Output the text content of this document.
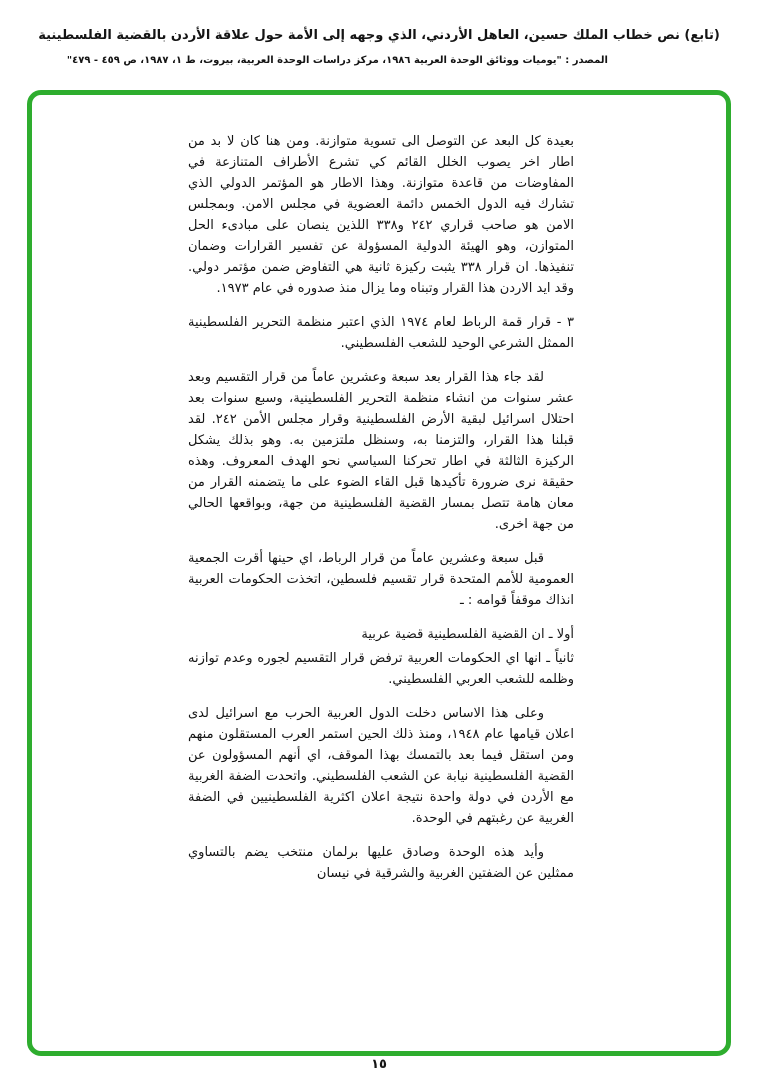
(تابع) نص خطاب الملك حسين، العاهل الأردني، الذي وجهه إلى الأمة حول علاقة الأردن بالقضية الفلسطينية
المصدر : "يوميات ووثائق الوحدة العربية ١٩٨٦، مركز دراسات الوحدة العربية، بيروت، ط ١، ١٩٨٧، ص ٤٥٩ - ٤٧٩"

بعيدة كل البعد عن التوصل الى تسوية متوازنة. ومن هنا كان لا بد من اطار اخر يصوب الخلل القائم كي تشرع الأطراف المتنازعة في المفاوضات من قاعدة متوازنة. وهذا الاطار هو المؤتمر الدولي الذي تشارك فيه الدول الخمس دائمة العضوية في مجلس الامن. وبمجلس الامن هو صاحب قراري ٢٤٢ و٣٣٨ اللذين ينصان على مبادىء الحل المتوازن، وهو الهيئة الدولية المسؤولة عن تفسير القرارات وضمان تنفيذها. ان قرار ٣٣٨ يثبت ركيزة ثانية هي التفاوض ضمن مؤتمر دولي. وقد ايد الاردن هذا القرار وتبناه وما يزال منذ صدوره في عام ١٩٧٣.

٣ - قرار قمة الرباط لعام ١٩٧٤ الذي اعتبر منظمة التحرير الفلسطينية الممثل الشرعي الوحيد للشعب الفلسطيني.

لقد جاء هذا القرار بعد سبعة وعشرين عاماً من قرار التقسيم وبعد عشر سنوات من انشاء منظمة التحرير الفلسطينية، وسبع سنوات بعد احتلال اسرائيل لبقية الأرض الفلسطينية وقرار مجلس الأمن ٢٤٢. لقد قبلنا هذا القرار، والتزمنا به، وسنظل ملتزمين به. وهو بذلك يشكل الركيزة الثالثة في اطار تحركنا السياسي نحو الهدف المعروف. وهذه حقيقة نرى ضرورة تأكيدها قبل القاء الضوء على ما يتضمنه القرار من معان هامة تتصل بمسار القضية الفلسطينية من جهة، وبواقعها الحالي من جهة اخرى.

قبل سبعة وعشرين عاماً من قرار الرباط، اي حينها أقرت الجمعية العمومية للأمم المتحدة قرار تقسيم فلسطين، اتخذت الحكومات العربية انذاك موقفاً قوامه : ـ

أولا ـ ان القضية الفلسطينية قضية عربية

ثانياً ـ انها اي الحكومات العربية ترفض قرار التقسيم لجوره وعدم توازنه وظلمه للشعب العربي الفلسطيني.

وعلى هذا الاساس دخلت الدول العربية الحرب مع اسرائيل لدى اعلان قيامها عام ١٩٤٨، ومنذ ذلك الحين استمر العرب المستقلون منهم ومن استقل فيما بعد بالتمسك بهذا الموقف، اي أنهم المسؤولون عن القضية الفلسطينية نيابة عن الشعب الفلسطيني. واتحدت الضفة الغربية مع الأردن في دولة واحدة نتيجة اعلان اكثرية الفلسطينيين في الضفة الغربية عن رغبتهم في الوحدة.

وأيد هذه الوحدة وصادق عليها برلمان منتخب يضم بالتساوي ممثلين عن الضفتين الغربية والشرقية في نيسان

١٥
